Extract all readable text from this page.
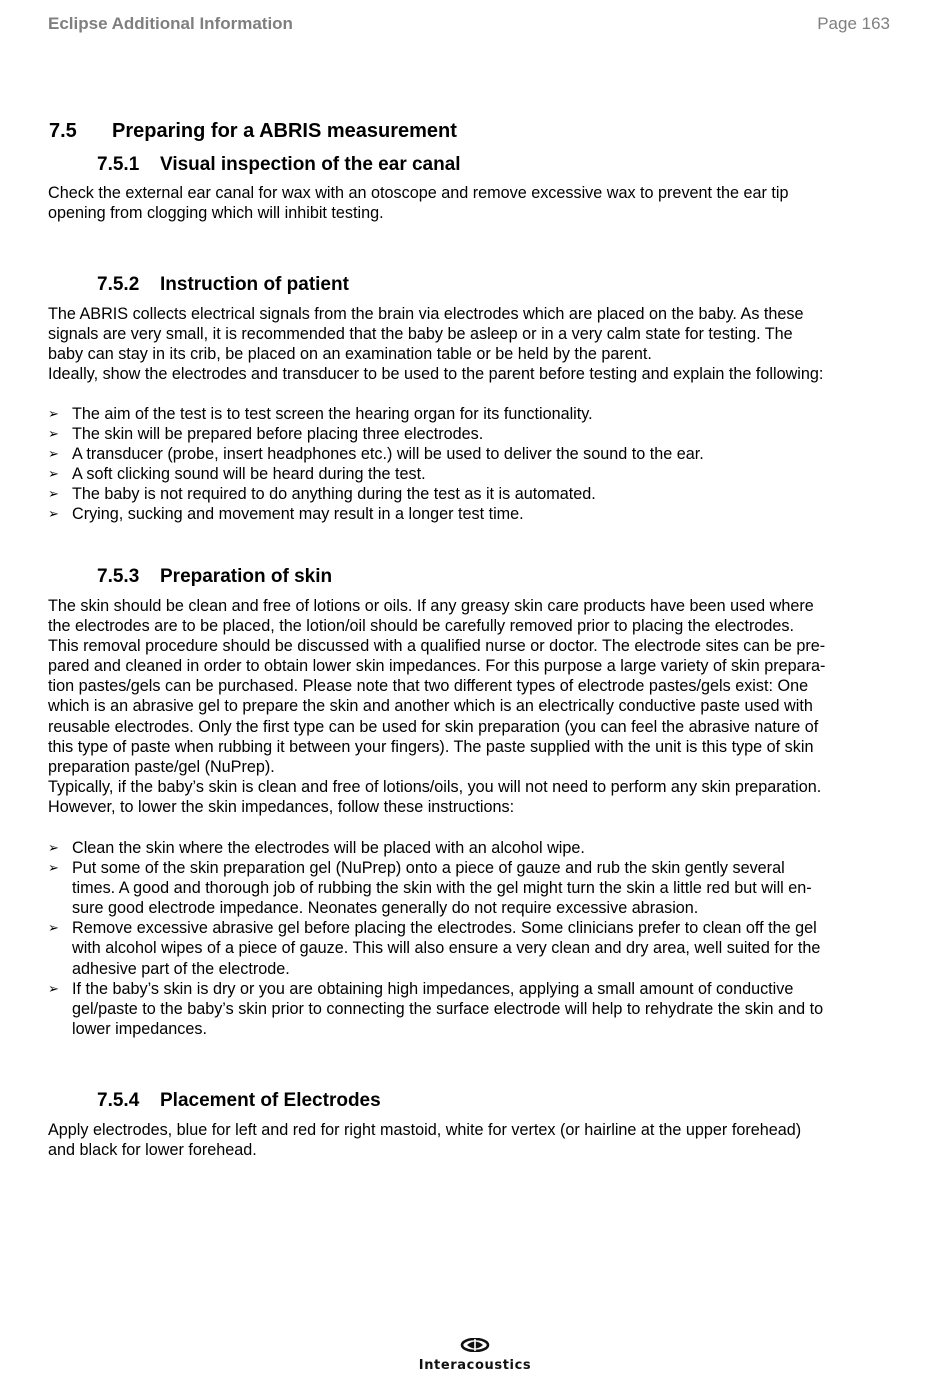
Eclipse Additional Information	Page 163
7.5 Preparing for a ABRIS measurement
7.5.1 Visual inspection of the ear canal
Check the external ear canal for wax with an otoscope and remove excessive wax to prevent the ear tip
opening from clogging which will inhibit testing.
7.5.2 Instruction of patient
The ABRIS collects electrical signals from the brain via electrodes which are placed on the baby. As these
signals are very small, it is recommended that the baby be asleep or in a very calm state for testing. The
baby can stay in its crib, be placed on an examination table or be held by the parent.
Ideally, show the electrodes and transducer to be used to the parent before testing and explain the following:
➢ The aim of the test is to test screen the hearing organ for its functionality.
➢ The skin will be prepared before placing three electrodes.
➢ A transducer (probe, insert headphones etc.) will be used to deliver the sound to the ear.
➢ A soft clicking sound will be heard during the test.
➢ The baby is not required to do anything during the test as it is automated.
➢ Crying, sucking and movement may result in a longer test time.
7.5.3 Preparation of skin
The skin should be clean and free of lotions or oils. If any greasy skin care products have been used where
the electrodes are to be placed, the lotion/oil should be carefully removed prior to placing the electrodes.
This removal procedure should be discussed with a qualified nurse or doctor. The electrode sites can be pre-
pared and cleaned in order to obtain lower skin impedances. For this purpose a large variety of skin prepara-
tion pastes/gels can be purchased. Please note that two different types of electrode pastes/gels exist: One
which is an abrasive gel to prepare the skin and another which is an electrically conductive paste used with
reusable electrodes. Only the first type can be used for skin preparation (you can feel the abrasive nature of
this type of paste when rubbing it between your fingers). The paste supplied with the unit is this type of skin
preparation paste/gel (NuPrep).
Typically, if the baby’s skin is clean and free of lotions/oils, you will not need to perform any skin preparation.
However, to lower the skin impedances, follow these instructions:
➢ Clean the skin where the electrodes will be placed with an alcohol wipe.
➢ Put some of the skin preparation gel (NuPrep) onto a piece of gauze and rub the skin gently several
times. A good and thorough job of rubbing the skin with the gel might turn the skin a little red but will en-
sure good electrode impedance. Neonates generally do not require excessive abrasion.
➢ Remove excessive abrasive gel before placing the electrodes. Some clinicians prefer to clean off the gel
with alcohol wipes of a piece of gauze. This will also ensure a very clean and dry area, well suited for the
adhesive part of the electrode.
➢ If the baby’s skin is dry or you are obtaining high impedances, applying a small amount of conductive
gel/paste to the baby’s skin prior to connecting the surface electrode will help to rehydrate the skin and to
lower impedances.
7.5.4 Placement of Electrodes
Apply electrodes, blue for left and red for right mastoid, white for vertex (or hairline at the upper forehead)
and black for lower forehead.
Interacoustics
